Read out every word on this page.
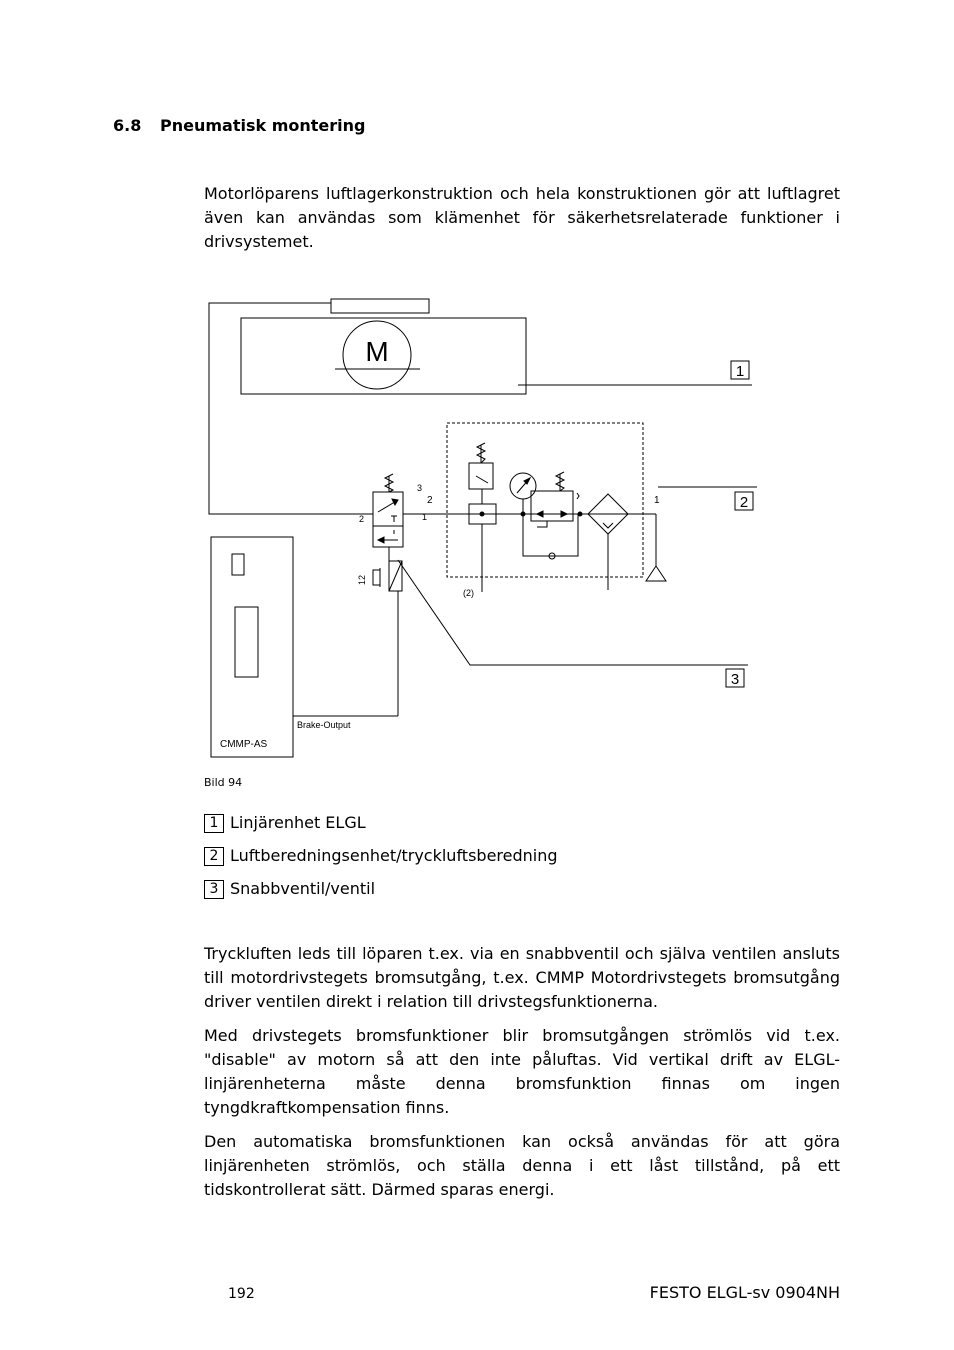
6.8 Pneumatisk montering
Motorlöparens luftlagerkonstruktion och hela konstruktionen gör att luftlagret även kan användas som klämenhet för säkerhetsrelaterade funktioner i drivsystemet.
M
1
2
3
3
2
1
2
12
1
(2)
CMMP-AS
Brake-Output
Bild 94
1 Linjärenhet ELGL
2 Luftberedningsenhet/tryckluftsberedning
3 Snabbventil/ventil
Tryckluften leds till löparen t.ex. via en snabbventil och själva ventilen ansluts till motordrivstegets bromsutgång, t.ex. CMMP Motordrivstegets bromsutgång driver ventilen direkt i relation till drivstegsfunktionerna.
Med drivstegets bromsfunktioner blir bromsutgången strömlös vid t.ex. "disable" av motorn så att den inte påluftas. Vid vertikal drift av ELGL-linjärenheterna måste denna bromsfunktion finnas om ingen tyngdkraftkompensation finns.
Den automatiska bromsfunktionen kan också användas för att göra linjärenheten strömlös, och ställa denna i ett låst tillstånd, på ett tidskontrollerat sätt. Därmed sparas energi.
192	FESTO ELGL-sv 0904NH
